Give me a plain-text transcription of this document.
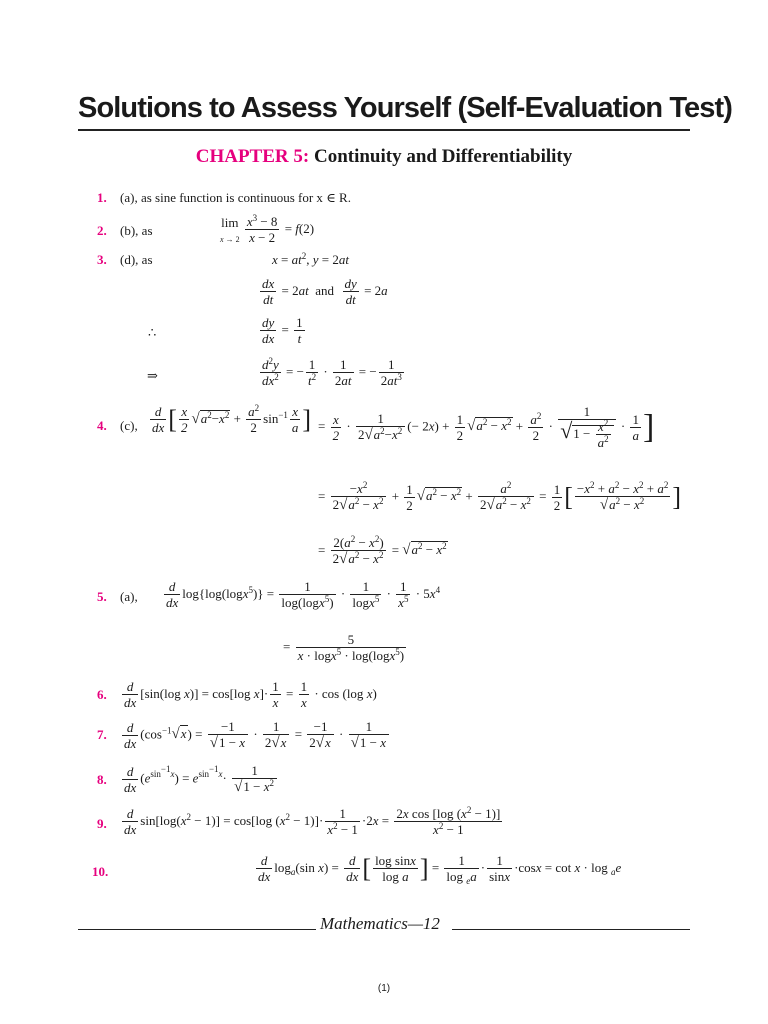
Solutions to Assess Yourself (Self-Evaluation Test)
CHAPTER 5: Continuity and Differentiability
1. (a), as sine function is continuous for x ∈ R.
2. (b), as
lim
$x \to 2 \frac{x^3 - 8}{x - 2} = f(2)$
3. (d), as	$x = at^2$, y = 2at
$\frac{dx}{dt} = 2at$  and $\frac{dy}{dt} = 2a$
∴	$\frac{dy}{dx} = \frac{1}{t}$
⇒	$\frac{d^2y}{dx^2}$ = − $\frac{1}{t^2} \cdot \frac{1}{2at}$ = − $\frac{1}{2at^3}$
4. (c), $\frac{d}{dx}$ [ $\frac{x}{2} √a^2-x^2 + \frac{a^2}{2} \sin^{-1} \frac{x}{a}$ ] = $\frac{x}{2} \cdot \frac{1}{2√a^2-x^2}$ (− $2x) + \frac{1}{2} √a^2 - x^2 + \frac{a^2}{2} \cdot \frac{1}{√1 - \frac{x^2}{a^2}} \cdot \frac{1}{a}$ ]
= $\frac{-x^2}{2√a^2 - x^2} + \frac{1}{2} √a^2 - x^2 + \frac{a^2}{2√a^2 - x^2} = \frac{1}{2}$ [ $\frac{-x^2 + a^2 - x^2 + a^2}{√a^2 - x^2}$ ]
= $\frac{2(a^2 - x^2)}{2√a^2 - x^2} = √a^2 - x^2$
5. (a), $\frac{d}{dx} \log\{\log(\log x^5)\} = \frac{1}{\log(\log x^5)} \cdot \frac{1}{\log x^5} \cdot \frac{1}{x^5} \cdot 5x^4$
= $\frac{5}{x \cdot \log x^5 \cdot \log(\log x^5)}$
6. $\frac{d}{dx} [\sin(\log$ x)] = cos[log $x]\cdot \frac{1}{x} = \frac{1}{x} \cdot \cos (\log$ x)
7. $\frac{d}{dx} (\cos^{-1}√x) = \frac{-1}{√1 - x} \cdot \frac{1}{2√x} = \frac{-1}{2√x} \cdot \frac{1}{√1 - x}$
8. $\frac{d}{dx} (e^{sin^{-1}x}) = e^{sin^{-1}x}\cdot \frac{1}{√1 - x^2}$
9. $\frac{d}{dx} \sin[\log(x^2 - 1)] = \cos[\log$ $(x^2 - 1)]\cdot \frac{1}{x^2 - 1} \cdot 2x = \frac{2x \cos [\log (x^2 - 1)]}{x^2 - 1}$
10.	$\frac{d}{dx} \log_a(\sin$ $x) = \frac{d}{dx}$ [ $\frac{\text{log sinx}}{\text{log a}}$ ] = $\frac{1}{\log _ea} \cdot \frac{1}{\sin x} \cdot\cos x = \cot x \cdot \log _ae$
Mathematics—12
(1)
